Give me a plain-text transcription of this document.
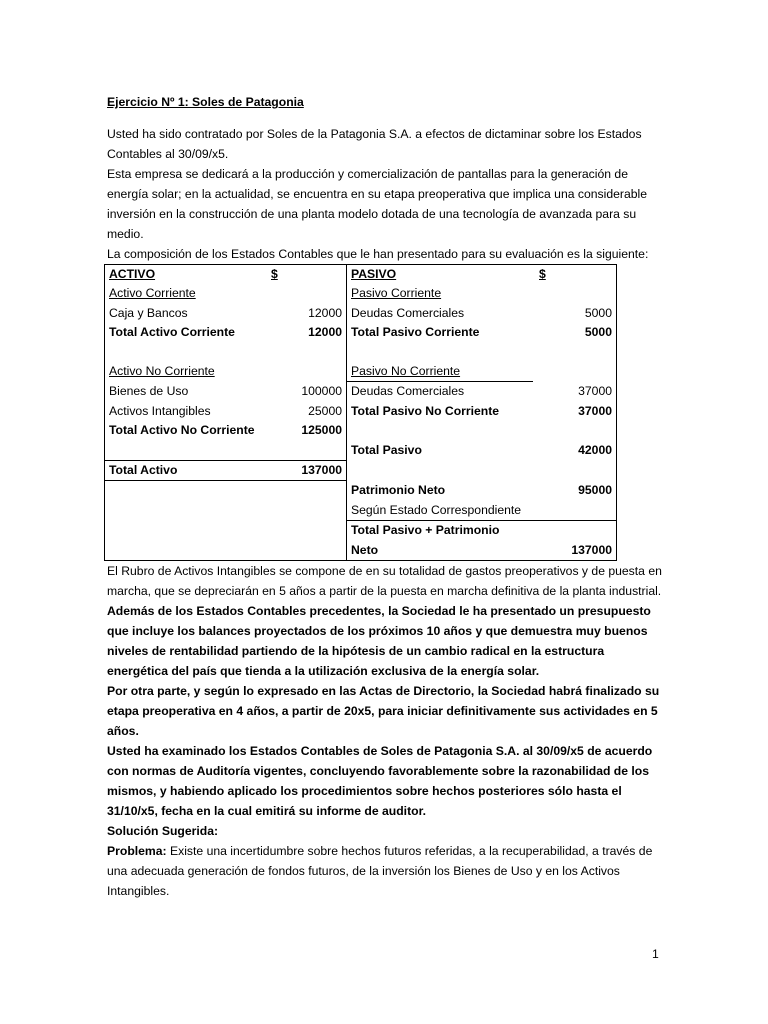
Ejercicio Nº 1: Soles de Patagonia

Usted ha sido contratado por Soles de la Patagonia S.A. a efectos de dictaminar sobre los Estados Contables al 30/09/x5.

Esta empresa se dedicará a la producción y comercialización de pantallas para la generación de energía solar; en la actualidad, se encuentra en su etapa preoperativa que implica una considerable inversión en la construcción de una planta modelo dotada de una tecnología de avanzada para su medio.

La composición de los Estados Contables que le han presentado para su evaluación es la siguiente:

ACTIVO	$	PASIVO	$
Activo Corriente		Pasivo Corriente	
Caja y Bancos	12000	Deudas Comerciales	5000
Total Activo Corriente	12000	Total Pasivo Corriente	5000

Activo No Corriente		Pasivo No Corriente	
Bienes de Uso	100000	Deudas Comerciales	37000
Activos Intangibles	25000	Total Pasivo No Corriente	37000
Total Activo No Corriente	125000		
		Total Pasivo	42000
Total Activo	137000		
		Patrimonio Neto	95000
		Según Estado Correspondiente	
		Total Pasivo + Patrimonio	
		Neto	137000

El Rubro de Activos Intangibles se compone de en su totalidad de gastos preoperativos y de puesta en marcha, que se depreciarán en 5 años a partir de la puesta en marcha definitiva de la planta industrial.

Además de los Estados Contables precedentes, la Sociedad le ha presentado un presupuesto que incluye los balances proyectados de los próximos 10 años y que demuestra muy buenos niveles de rentabilidad partiendo de la hipótesis de un cambio radical en la estructura energética del país que tienda a la utilización exclusiva de la energía solar.

Por otra parte, y según lo expresado en las Actas de Directorio, la Sociedad habrá finalizado su etapa preoperativa en 4 años, a partir de 20x5, para iniciar definitivamente sus actividades en 5 años.

Usted ha examinado los Estados Contables de Soles de Patagonia S.A. al 30/09/x5 de acuerdo con normas de Auditoría vigentes, concluyendo favorablemente sobre la razonabilidad de los mismos, y habiendo aplicado los procedimientos sobre hechos posteriores sólo hasta el 31/10/x5, fecha en la cual emitirá su informe de auditor.

Solución Sugerida:

Problema: Existe una incertidumbre sobre hechos futuros referidas, a la recuperabilidad, a través de una adecuada generación de fondos futuros, de la inversión los Bienes de Uso y en los Activos Intangibles.

1
